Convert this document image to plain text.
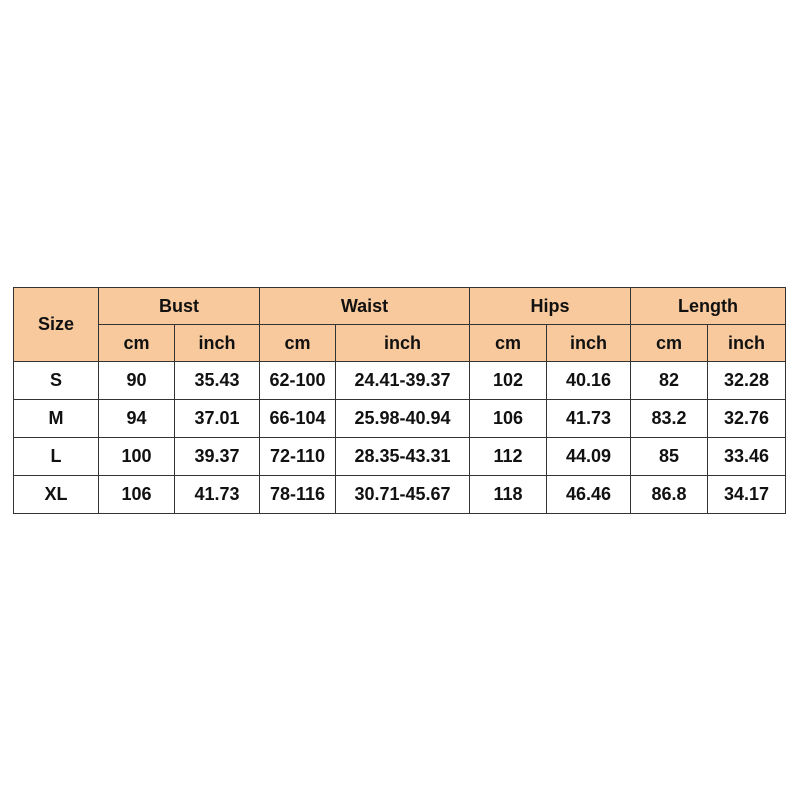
Size	Bust		Waist		Hips		Length	
	cm	inch	cm	inch	cm	inch	cm	inch
S	90	35.43	62-100	24.41-39.37	102	40.16	82	32.28
M	94	37.01	66-104	25.98-40.94	106	41.73	83.2	32.76
L	100	39.37	72-110	28.35-43.31	112	44.09	85	33.46
XL	106	41.73	78-116	30.71-45.67	118	46.46	86.8	34.17
